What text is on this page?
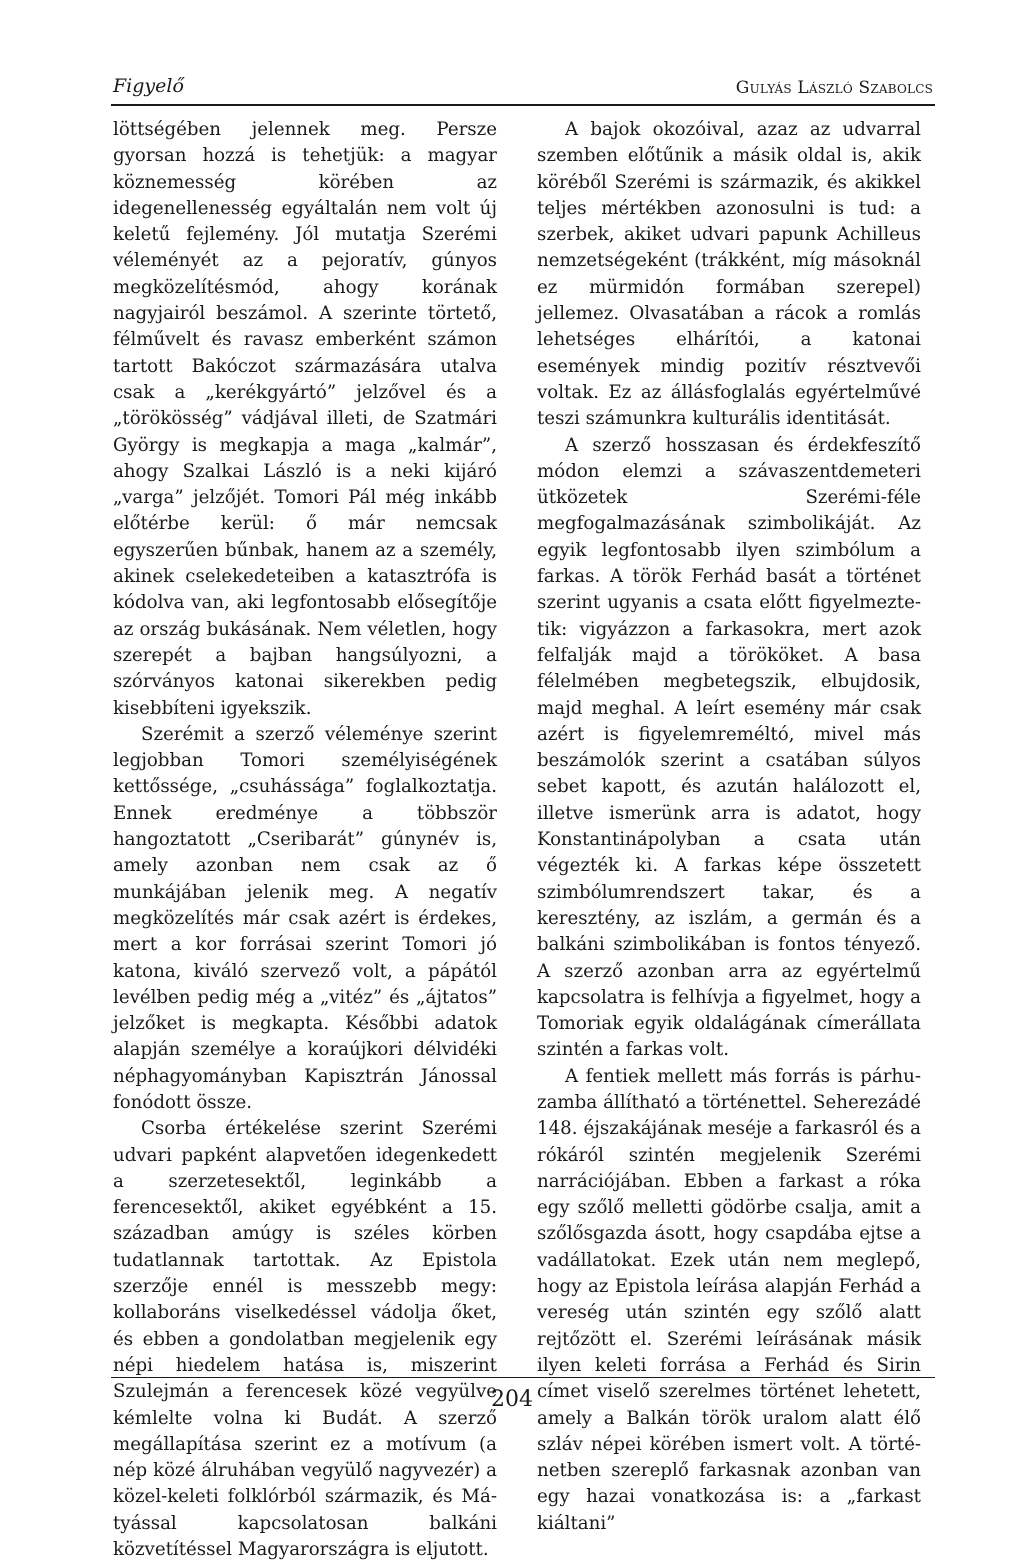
Figyelő	Gulyás László Szabolcs

löttségében jelennek meg. Persze gyorsan hozzá is tehetjük: a magyar köznemesség körében az idegenellenesség egyáltalán nem volt új keletű fejlemény. Jól mutatja Szerémi véleményét az a pejoratív, gúnyos megközelítésmód, ahogy korának nagyjairól beszámol. A szerinte törtető, félművelt és ravasz emberként számon tartott Bakóczot származására utalva csak a „kerékgyártó” jelzővel és a „törökösség” vádjával illeti, de Szatmári György is megkapja a maga „kalmár”, ahogy Szalkai László is a neki kijáró „varga” jelzőjét. Tomori Pál még inkább előtérbe kerül: ő már nemcsak egyszerűen bűnbak, hanem az a személy, akinek cselekedeteiben a katasztrófa is kódolva van, aki legfontosabb elősegítője az ország bukásának. Nem véletlen, hogy szerepét a bajban hangsúlyozni, a szórványos katonai sikerekben pedig kisebbíteni igyekszik.

Szerémit a szerző véleménye szerint legjobban Tomori személyiségének kettőssége, „csuhássága” foglalkoztatja. Ennek eredménye a többször hangoztatott „Cseribarát” gúnynév is, amely azonban nem csak az ő munkájában jelenik meg. A negatív megközelítés már csak azért is érdekes, mert a kor forrásai szerint Tomori jó katona, kiváló szervező volt, a pápától levélben pedig még a „vitéz” és „ájtatos” jelzőket is megkapta. Későbbi adatok alapján személye a koraújkori délvidéki néphagyományban Kapisztrán Jánossal fonódott össze.

Csorba értékelése szerint Szerémi udvari papként alapvetően idegenkedett a szerzetesektől, leginkább a ferencesektől, akiket egyébként a 15. században amúgy is széles körben tudatlannak tartottak. Az Epistola szerzője ennél is messzebb megy: kollaboráns viselkedéssel vádolja őket, és ebben a gondolatban megjelenik egy népi hiedelem hatása is, miszerint Szulejmán a ferencesek közé vegyülve kémlelte volna ki Budát. A szerző megállapítása szerint ez a motívum (a nép közé álruhában vegyülő nagyvezér) a közel-keleti folklórból származik, és Mátyással kapcsolatosan balkáni közvetítéssel Magyarországra is eljutott.

A bajok okozóival, azaz az udvarral szemben előtűnik a másik oldal is, akik köréből Szerémi is származik, és akikkel teljes mértékben azonosulni is tud: a szerbek, akiket udvari papunk Achilleus nemzetségeként (trákként, míg másoknál ez mürmidón formában szerepel) jellemez. Olvasatában a rácok a romlás lehetséges elhárítói, a katonai események mindig pozitív résztvevői voltak. Ez az állásfoglalás egyértelművé teszi számunkra kulturális identitását.

A szerző hosszasan és érdekfeszítő módon elemzi a szávaszentdemeteri ütközetek Szerémi-féle megfogalmazásának szimbolikáját. Az egyik legfontosabb ilyen szimbólum a farkas. A török Ferhád basát a történet szerint ugyanis a csata előtt figyelmeztetik: vigyázzon a farkasokra, mert azok felfalják majd a törököket. A basa félelmében megbetegszik, elbujdosik, majd meghal. A leírt esemény már csak azért is figyelemreméltó, mivel más beszámolók szerint a csatában súlyos sebet kapott, és azután halálozott el, illetve ismerünk arra is adatot, hogy Konstantinápolyban a csata után végezték ki. A farkas képe összetett szimbólumrendszert takar, és a keresztény, az iszlám, a germán és a balkáni szimbolikában is fontos tényező. A szerző azonban arra az egyértelmű kapcsolatra is felhívja a figyelmet, hogy a Tomoriak egyik oldalágának címerállata szintén a farkas volt.

A fentiek mellett más forrás is párhuzamba állítható a történettel. Seherezádé 148. éjszakájának meséje a farkasról és a rókáról szintén megjelenik Szerémi narrációjában. Ebben a farkast a róka egy szőlő melletti gödörbe csalja, amit a szőlősgazda ásott, hogy csapdába ejtse a vadállatokat. Ezek után nem meglepő, hogy az Epistola leírása alapján Ferhád a vereség után szintén egy szőlő alatt rejtőzött el. Szerémi leírásának másik ilyen keleti forrása a Ferhád és Sirin címet viselő szerelmes történet lehetett, amely a Balkán török uralom alatt élő szláv népei körében ismert volt. A történetben szereplő farkasnak azonban van egy hazai vonatkozása is: a „farkast kiáltani”

204
